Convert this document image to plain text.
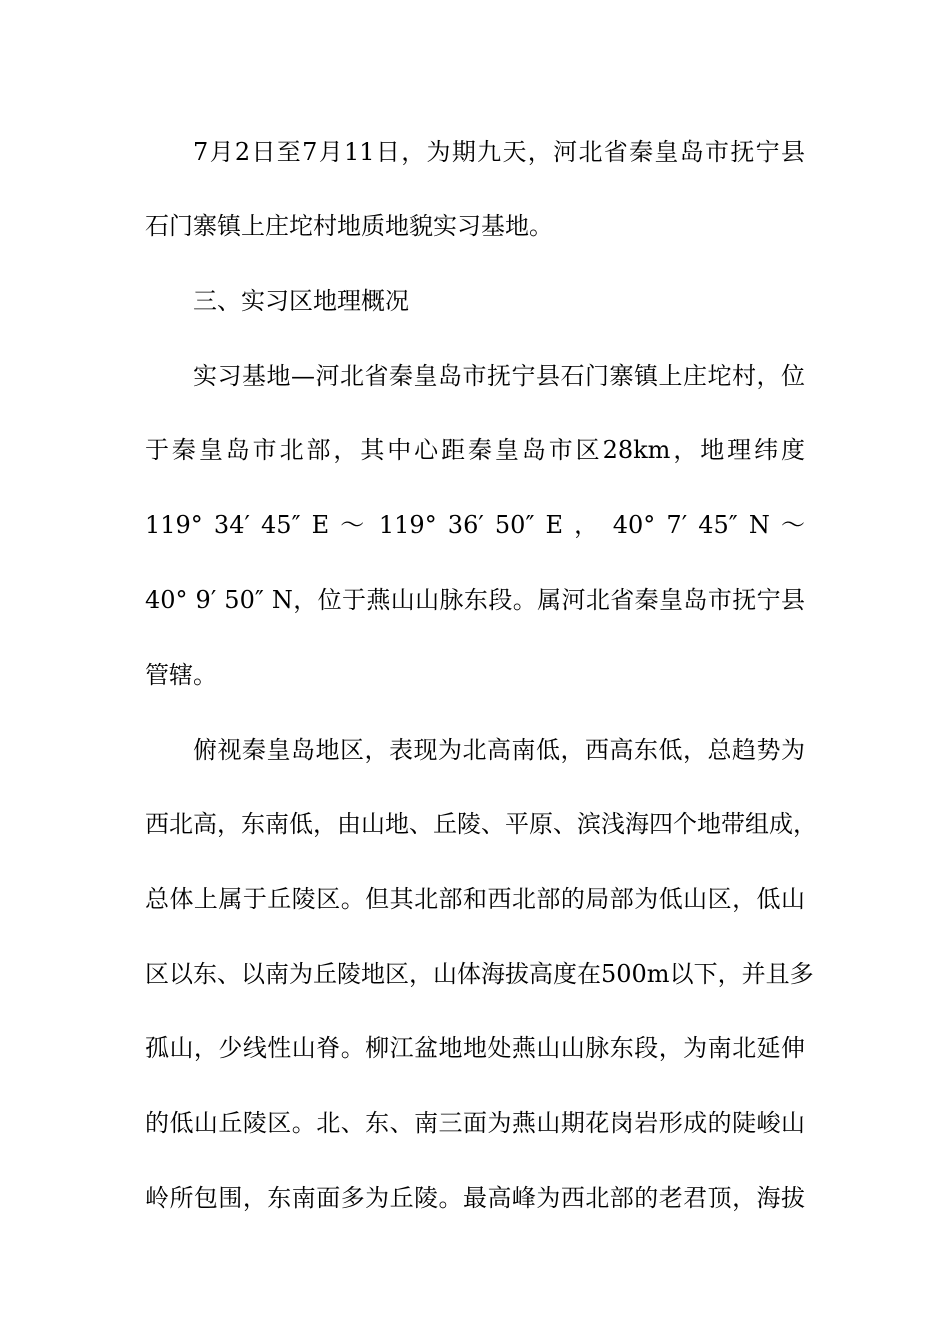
7月2日至7月11日，为期九天，河北省秦皇岛市抚宁县
石门寨镇上庄坨村地质地貌实习基地。
三、实习区地理概况
实习基地—河北省秦皇岛市抚宁县石门寨镇上庄坨村，位
于秦皇岛市北部，其中心距秦皇岛市区28km，地理纬度
119° 34′ 45″ E ～ 119° 36′ 50″ E ， 40° 7′ 45″ N ～
40° 9′ 50″ N，位于燕山山脉东段。属河北省秦皇岛市抚宁县
管辖。
俯视秦皇岛地区，表现为北高南低，西高东低，总趋势为
西北高，东南低，由山地、丘陵、平原、滨浅海四个地带组成，
总体上属于丘陵区。但其北部和西北部的局部为低山区，低山
区以东、以南为丘陵地区，山体海拔高度在500m以下，并且多
孤山，少线性山脊。柳江盆地地处燕山山脉东段，为南北延伸
的低山丘陵区。北、东、南三面为燕山期花岗岩形成的陡峻山
岭所包围，东南面多为丘陵。最高峰为西北部的老君顶，海拔
